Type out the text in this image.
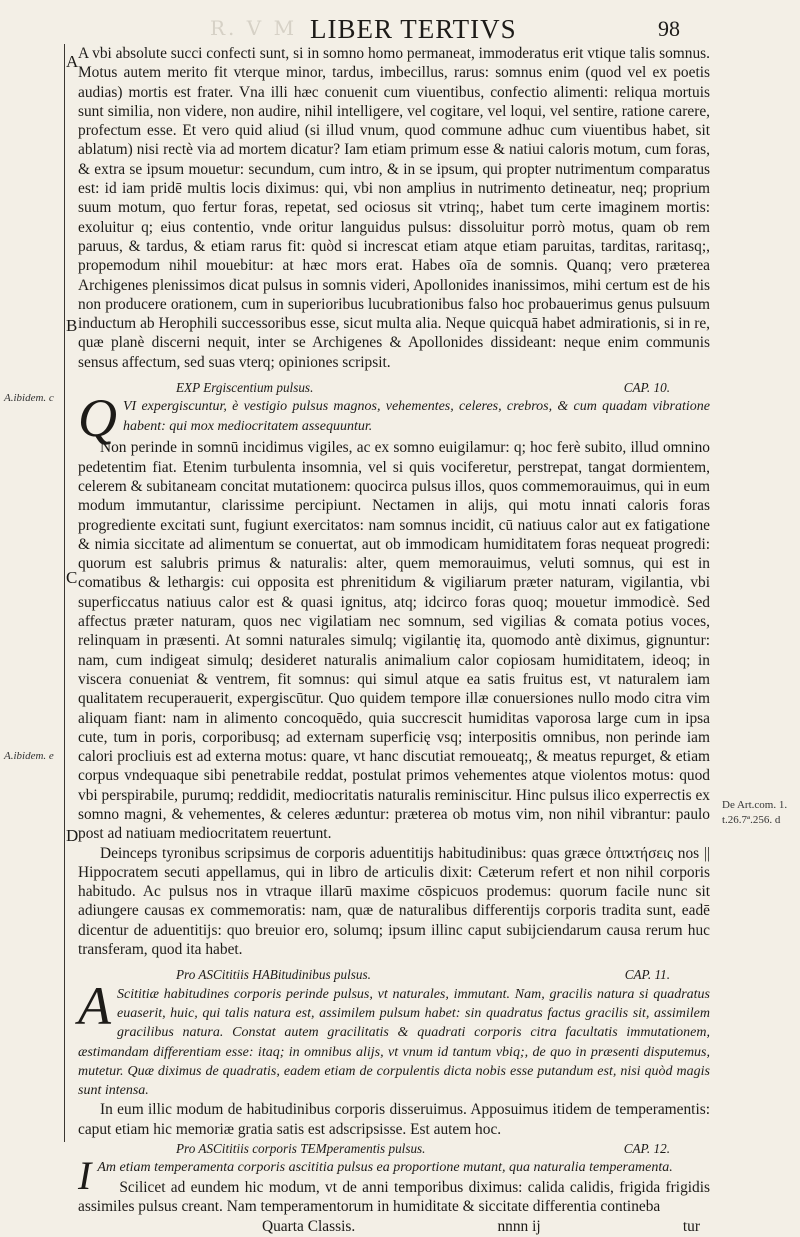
R. V M LIBER TERTIVS	98
A
B
C
D
A.ibidem. c
A.ibidem. e
De Art.com. 1.
t.26.7ª.256. d

A vbi absolute succi confecti sunt, si in somno homo permaneat, immoderatus erit vtique talis somnus. Motus autem merito fit vterque minor, tardus, imbecillus, rarus: somnus enim (quod vel ex poetis audias) mortis est frater. Vna illi hæc conuenit cum viuentibus, confectio alimenti: reliqua mortuis sunt similia, non videre, non audire, nihil intelligere, vel cogitare, vel loqui, vel sentire, ratione carere, profectum esse. Et vero quid aliud (si illud vnum, quod commune adhuc cum viuentibus habet, sit ablatum) nisi rectè via ad mortem dicatur? Iam etiam primum esse & natiui caloris motum, cum foras, & extra se ipsum mouetur: secundum, cum intro, & in se ipsum, qui propter nutrimentum comparatus est: id iam pridē multis locis diximus: qui, vbi non amplius in nutrimento detineatur, neq; proprium suum motum, quo fertur foras, repetat, sed ociosus sit vtrinq;, habet tum certe imaginem mortis: exoluitur q; eius contentio, vnde oritur languidus pulsus: dissoluitur porrò motus, quam ob rem paruus, & tardus, & etiam rarus fit: quòd si increscat etiam atque etiam paruitas, tarditas, raritasq;, propemodum nihil mouebitur: at hæc mors erat. Habes oīa de somnis. Quanq; vero præterea Archigenes plenissimos dicat pulsus in somnis videri, Apollonides inanissimos, mihi certum est de his non producere orationem, cum in superioribus lucubrationibus falso hoc probauerimus genus pulsuum inductum ab Herophili successoribus esse, sicut multa alia. Neque quicquā habet admirationis, si in re, quæ planè discerni nequit, inter se Archigenes & Apollonides dissideant: neque enim communis sensus affectum, sed suas vterq; opiniones scripsit.

EXP Ergiscentium pulsus.	CAP. 10.
Q VI expergiscuntur, è vestigio pulsus magnos, vehementes, celeres, crebros, & cum quadam vibratione habent: qui mox mediocritatem assequuntur.

Non perinde in somnū incidimus vigiles, ac ex somno euigilamur: q; hoc ferè subito, illud omnino pedetentim fiat. Etenim turbulenta insomnia, vel si quis vociferetur, perstrepat, tangat dormientem, celerem & subitaneam concitat mutationem: quocirca pulsus illos, quos commemorauimus, qui in eum modum immutantur, clarissime percipiunt. Nectamen in alijs, qui motu innati caloris foras progrediente excitati sunt, fugiunt exercitatos: nam somnus incidit, cū natiuus calor aut ex fatigatione & nimia siccitate ad alimentum se conuertat, aut ob immodicam humiditatem foras nequeat progredi: quorum est salubris primus & naturalis: alter, quem memorauimus, veluti somnus, qui est in comatibus & lethargis: cui opposita est phrenitidum & vigiliarum præter naturam, vigilantia, vbi superficcatus natiuus calor est & quasi ignitus, atq; idcirco foras quoq; mouetur immodicè. Sed affectus præter naturam, quos nec vigilatiam nec somnum, sed vigilias & comata potius voces, relinquam in præsenti. At somni naturales simulq; vigilantię ita, quomodo antè diximus, gignuntur: nam, cum indigeat simulq; desideret naturalis animalium calor copiosam humiditatem, ideoq; in viscera conueniat & ventrem, fit somnus: qui simul atque ea satis fruitus est, vt naturalem iam qualitatem recuperauerit, expergiscūtur. Quo quidem tempore illæ conuersiones nullo modo citra vim aliquam fiant: nam in alimento concoquēdo, quia succrescit humiditas vaporosa large cum in ipsa cute, tum in poris, corporibusq; ad externam superficię vsq; interpositis omnibus, non perinde iam calori procliuis est ad externa motus: quare, vt hanc discutiat remoueatq;, & meatus repurget, & etiam corpus vndequaque sibi penetrabile reddat, postulat primos vehementes atque violentos motus: quod vbi perspirabile, purumq; reddidit, mediocritatis naturalis reminiscitur. Hinc pulsus ilico experrectis ex somno magni, & vehementes, & celeres æduntur: præterea ob motus vim, non nihil vibrantur: paulo post ad natiuam mediocritatem reuertunt.

Deinceps tyronibus scripsimus de corporis aduentitijs habitudinibus: quas græce ὀπιϰτήσεις nos || Hippocratem secuti appellamus, qui in libro de articulis dixit: Cæterum refert et non nihil corporis habitudo. Ac pulsus nos in vtraque illarū maxime cōspicuos prodemus: quorum facile nunc sit adiungere causas ex commemoratis: nam, quæ de naturalibus differentijs corporis tradita sunt, eadē dicentur de aduentitijs: quo breuior ero, solumq; ipsum illinc caput subijciendarum causa rerum huc transferam, quod ita habet.

Pro ASCititiis HABitudinibus pulsus.	CAP. 11.
A Scititiæ habitudines corporis perinde pulsus, vt naturales, immutant. Nam, gracilis natura si quadratus euaserit, huic, qui talis natura est, assimilem pulsum habet: sin quadratus factus gracilis sit, assimilem gracilibus natura. Constat autem gracilitatis & quadrati corporis citra facultatis immutationem, æstimandam differentiam esse: itaq; in omnibus alijs, vt vnum id tantum vbiq;, de quo in præsenti disputemus, mutetur. Quæ diximus de quadratis, eadem etiam de corpulentis dicta nobis esse putandum est, nisi quòd magis sunt intensa.

In eum illic modum de habitudinibus corporis disseruimus. Apposuimus itidem de temperamentis: caput etiam hic memoriæ gratia satis est adscripsisse. Est autem hoc.

Pro ASCititiis corporis TEMperamentis pulsus.	CAP. 12.
I Am etiam temperamenta corporis ascititia pulsus ea proportione mutant, qua naturalia temperamenta.

Scilicet ad eundem hic modum, vt de anni temporibus diximus: calida calidis, frigida frigidis assimiles pulsus creant. Nam temperamentorum in humiditate & siccitate differentia contineba

Quarta Classis.	nnnn ij	tur
